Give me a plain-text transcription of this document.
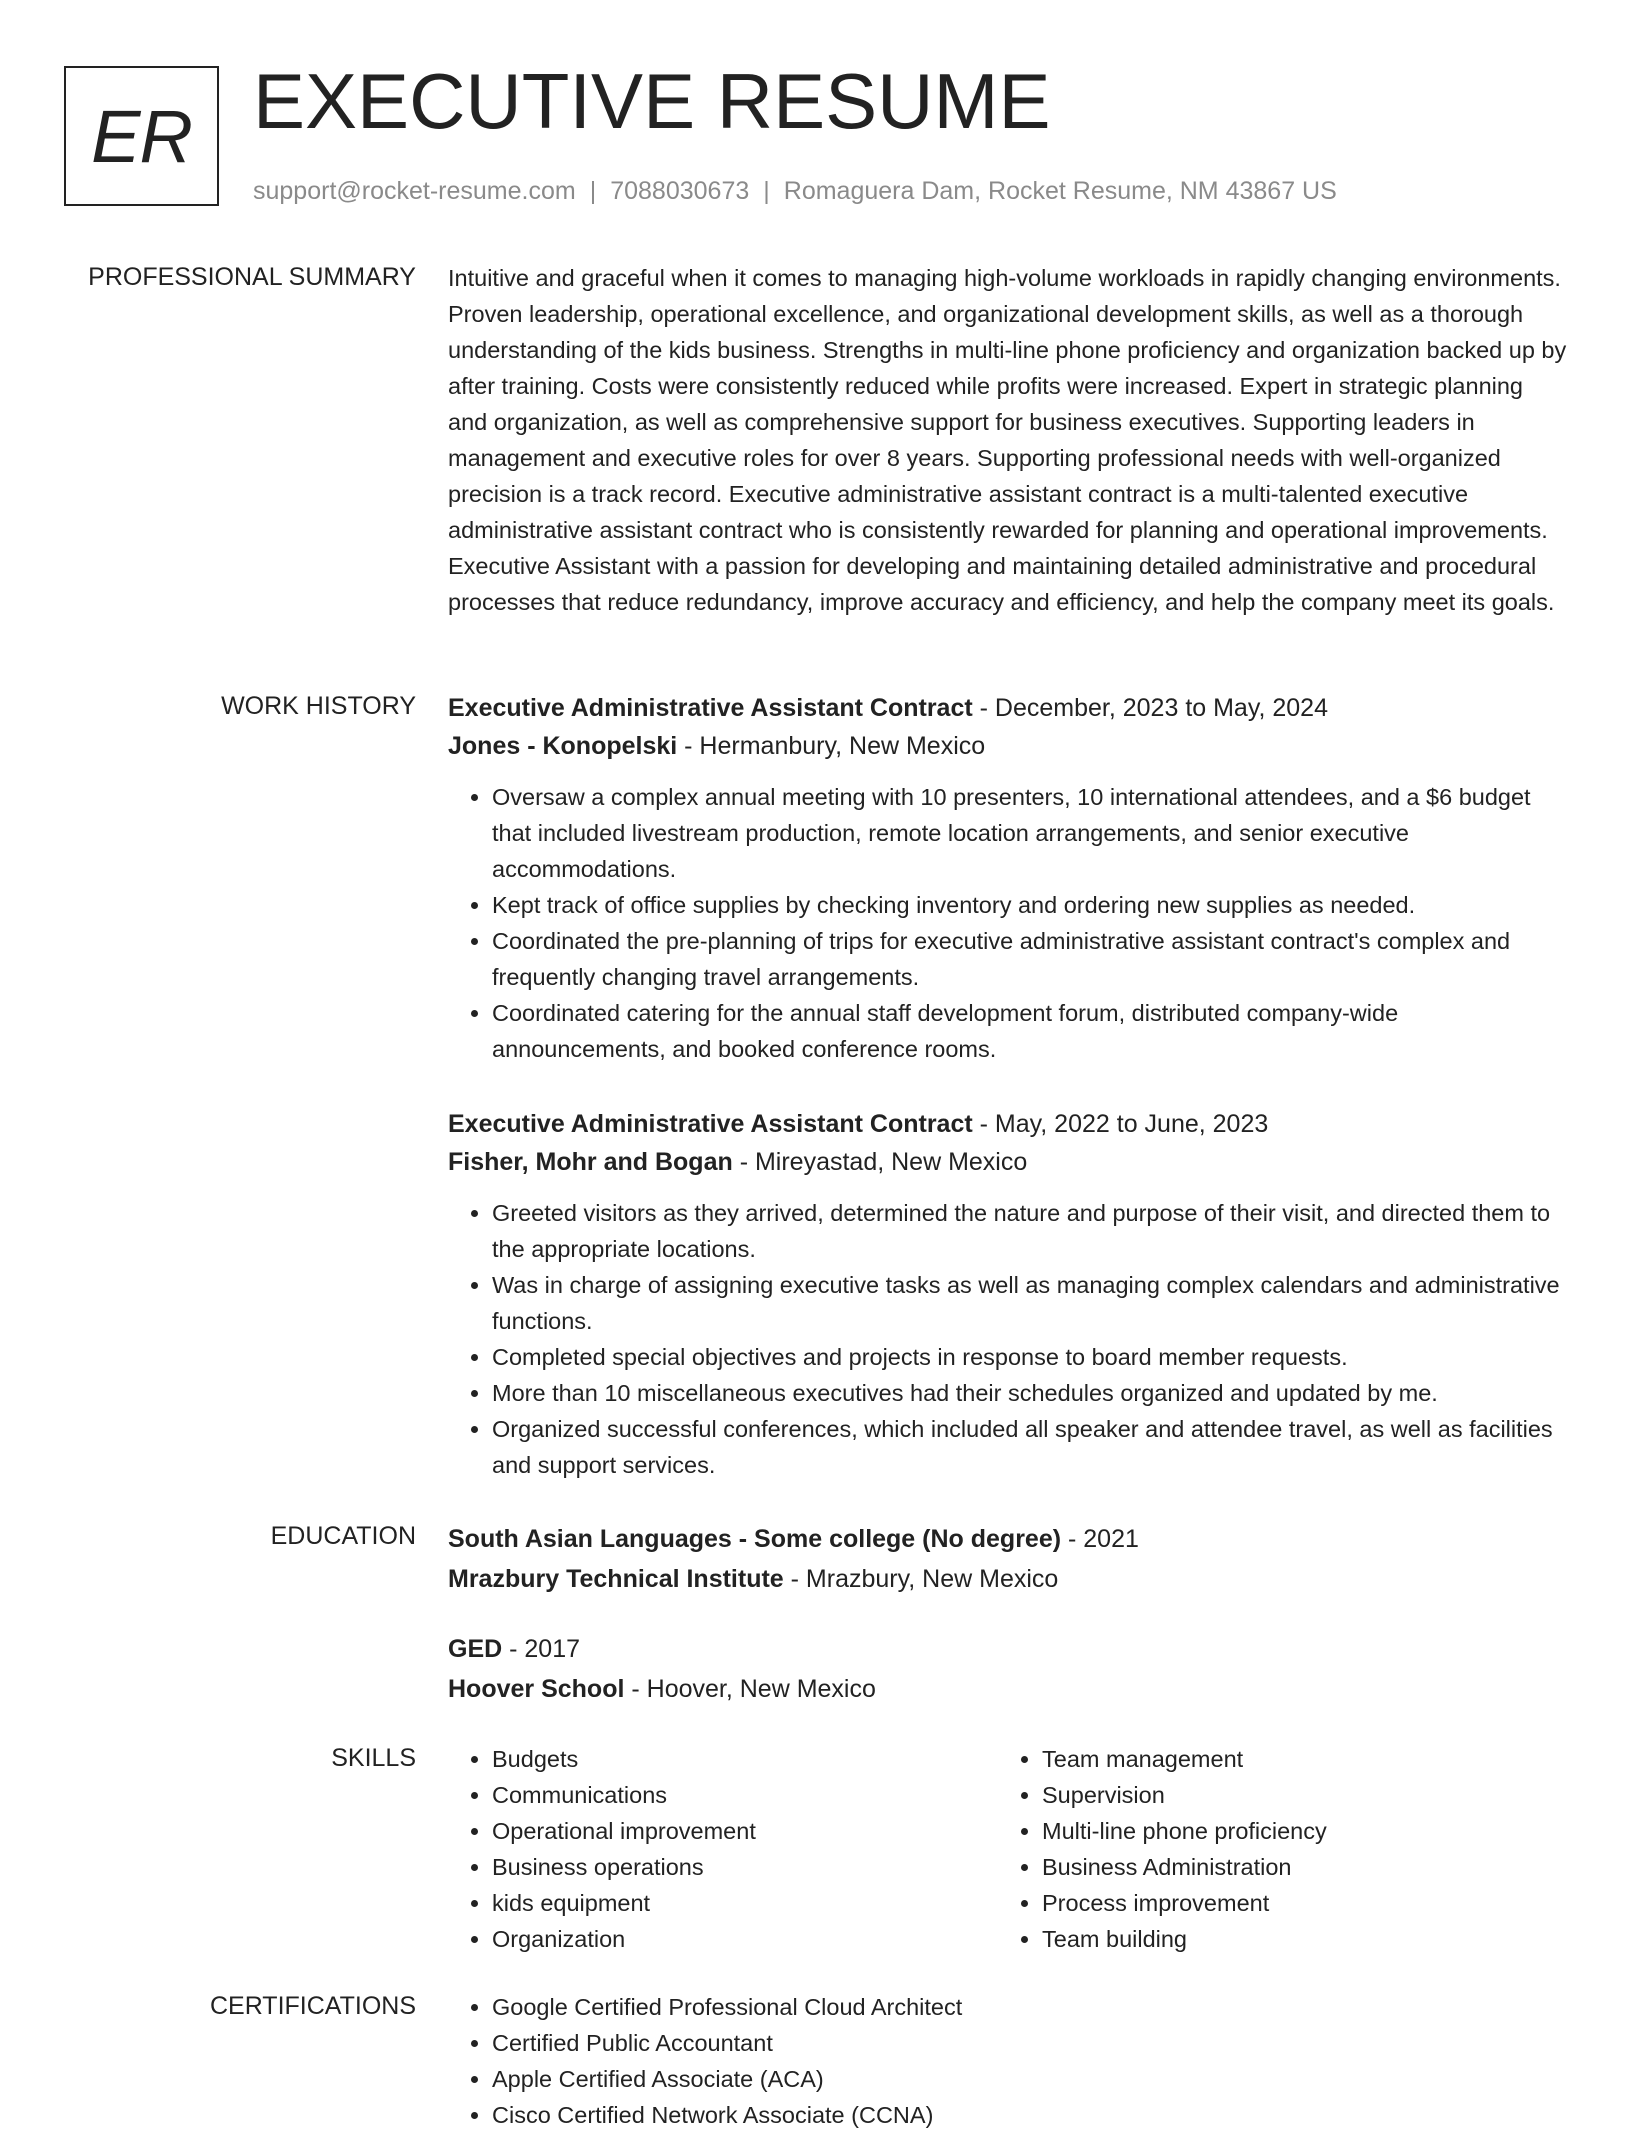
ER EXECUTIVE RESUME
support@rocket-resume.com | 7088030673 | Romaguera Dam, Rocket Resume, NM 43867 US
PROFESSIONAL SUMMARY Intuitive and graceful when it comes to managing high-volume workloads in rapidly changing environments. Proven leadership, operational excellence, and organizational development skills, as well as a thorough understanding of the kids business. Strengths in multi-line phone proficiency and organization backed up by after training. Costs were consistently reduced while profits were increased. Expert in strategic planning and organization, as well as comprehensive support for business executives. Supporting leaders in management and executive roles for over 8 years. Supporting professional needs with well-organized precision is a track record. Executive administrative assistant contract is a multi-talented executive administrative assistant contract who is consistently rewarded for planning and operational improvements. Executive Assistant with a passion for developing and maintaining detailed administrative and procedural processes that reduce redundancy, improve accuracy and efficiency, and help the company meet its goals.

WORK HISTORY Executive Administrative Assistant Contract - December, 2023 to May, 2024

Jones - Konopelski - Hermanbury, New Mexico

• Oversaw a complex annual meeting with 10 presenters, 10 international attendees, and a $6 budget that included livestream production, remote location arrangements, and senior executive accommodations.
• Kept track of office supplies by checking inventory and ordering new supplies as needed.
• Coordinated the pre-planning of trips for executive administrative assistant contract's complex and frequently changing travel arrangements.
• Coordinated catering for the annual staff development forum, distributed company-wide announcements, and booked conference rooms.

Executive Administrative Assistant Contract - May, 2022 to June, 2023

Fisher, Mohr and Bogan - Mireyastad, New Mexico

• Greeted visitors as they arrived, determined the nature and purpose of their visit, and directed them to the appropriate locations.
• Was in charge of assigning executive tasks as well as managing complex calendars and administrative functions.
• Completed special objectives and projects in response to board member requests.
• More than 10 miscellaneous executives had their schedules organized and updated by me.
• Organized successful conferences, which included all speaker and attendee travel, as well as facilities and support services.
EDUCATION South Asian Languages - Some college (No degree) - 2021

Mrazbury Technical Institute - Mrazbury, New Mexico

GED - 2017

Hoover School - Hoover, New Mexico

SKILLS	• Budgets
• Communications
• Operational improvement
• Business operations
• kids equipment
• Organization
• Team management
• Supervision
• Multi-line phone proficiency
• Business Administration
• Process improvement
• Team building
CERTIFICATIONS	• Google Certified Professional Cloud Architect
• Certified Public Accountant
• Apple Certified Associate (ACA)
• Cisco Certified Network Associate (CCNA)
